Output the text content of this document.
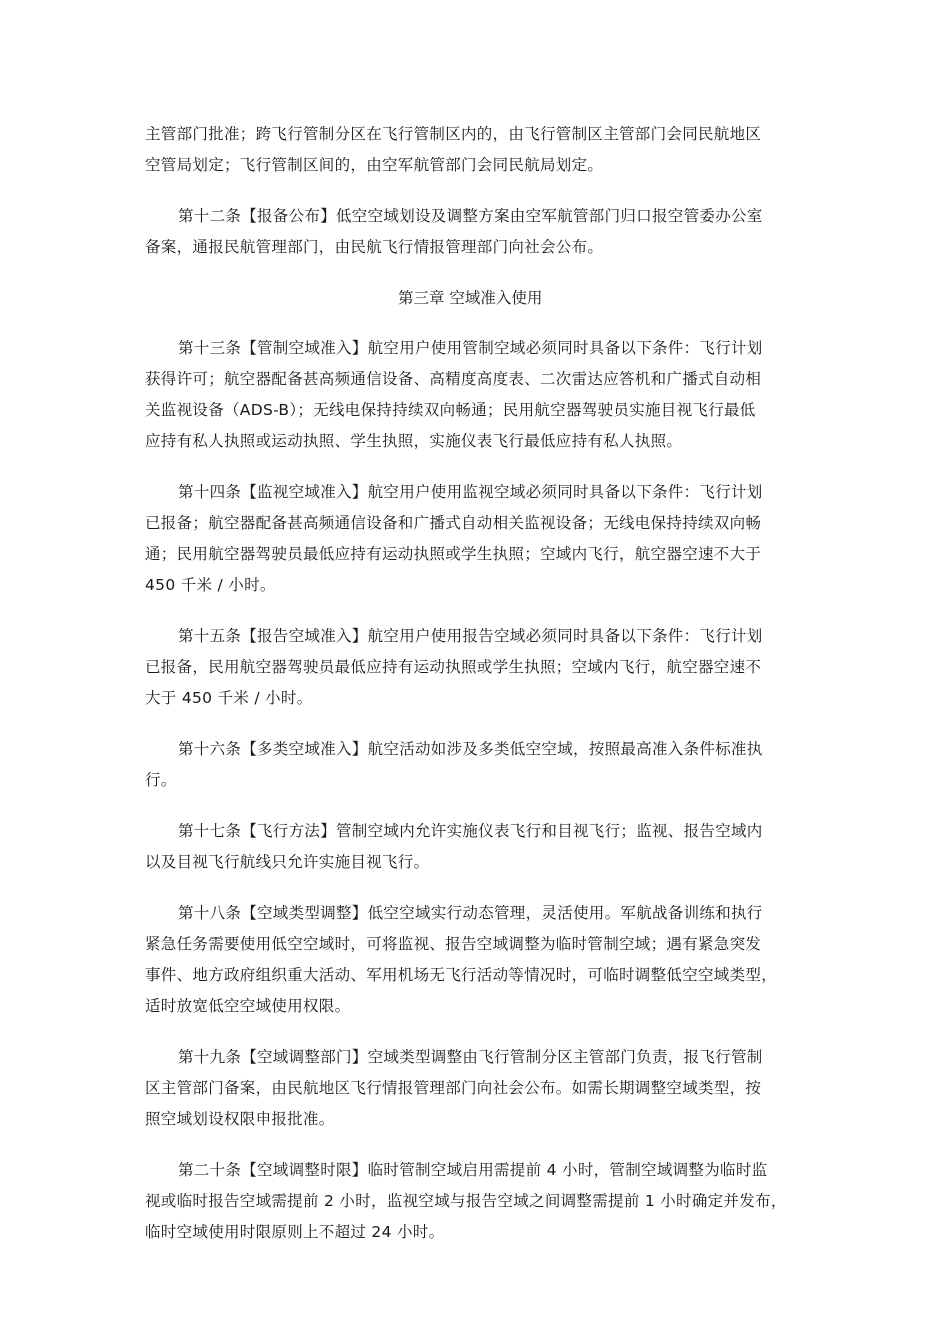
主管部门批准；跨飞行管制分区在飞行管制区内的，由飞行管制区主管部门会同民航地区
空管局划定；飞行管制区间的，由空军航管部门会同民航局划定。
第十二条【报备公布】低空空域划设及调整方案由空军航管部门归口报空管委办公室
备案，通报民航管理部门，由民航飞行情报管理部门向社会公布。
第三章 空域准入使用
第十三条【管制空域准入】航空用户使用管制空域必须同时具备以下条件：飞行计划
获得许可；航空器配备甚高频通信设备、高精度高度表、二次雷达应答机和广播式自动相
关监视设备（ADS-B）；无线电保持持续双向畅通；民用航空器驾驶员实施目视飞行最低
应持有私人执照或运动执照、学生执照，实施仪表飞行最低应持有私人执照。
第十四条【监视空域准入】航空用户使用监视空域必须同时具备以下条件：飞行计划
已报备；航空器配备甚高频通信设备和广播式自动相关监视设备；无线电保持持续双向畅
通；民用航空器驾驶员最低应持有运动执照或学生执照；空域内飞行，航空器空速不大于
450 千米 / 小时。
第十五条【报告空域准入】航空用户使用报告空域必须同时具备以下条件：飞行计划
已报备，民用航空器驾驶员最低应持有运动执照或学生执照；空域内飞行，航空器空速不
大于 450 千米 / 小时。
第十六条【多类空域准入】航空活动如涉及多类低空空域，按照最高准入条件标准执
行。
第十七条【飞行方法】管制空域内允许实施仪表飞行和目视飞行；监视、报告空域内
以及目视飞行航线只允许实施目视飞行。
第十八条【空域类型调整】低空空域实行动态管理，灵活使用。军航战备训练和执行
紧急任务需要使用低空空域时，可将监视、报告空域调整为临时管制空域；遇有紧急突发
事件、地方政府组织重大活动、军用机场无飞行活动等情况时，可临时调整低空空域类型，
适时放宽低空空域使用权限。
第十九条【空域调整部门】空域类型调整由飞行管制分区主管部门负责，报飞行管制
区主管部门备案，由民航地区飞行情报管理部门向社会公布。如需长期调整空域类型，按
照空域划设权限申报批准。
第二十条【空域调整时限】临时管制空域启用需提前 4 小时，管制空域调整为临时监
视或临时报告空域需提前 2 小时，监视空域与报告空域之间调整需提前 1 小时确定并发布，
临时空域使用时限原则上不超过 24 小时。
